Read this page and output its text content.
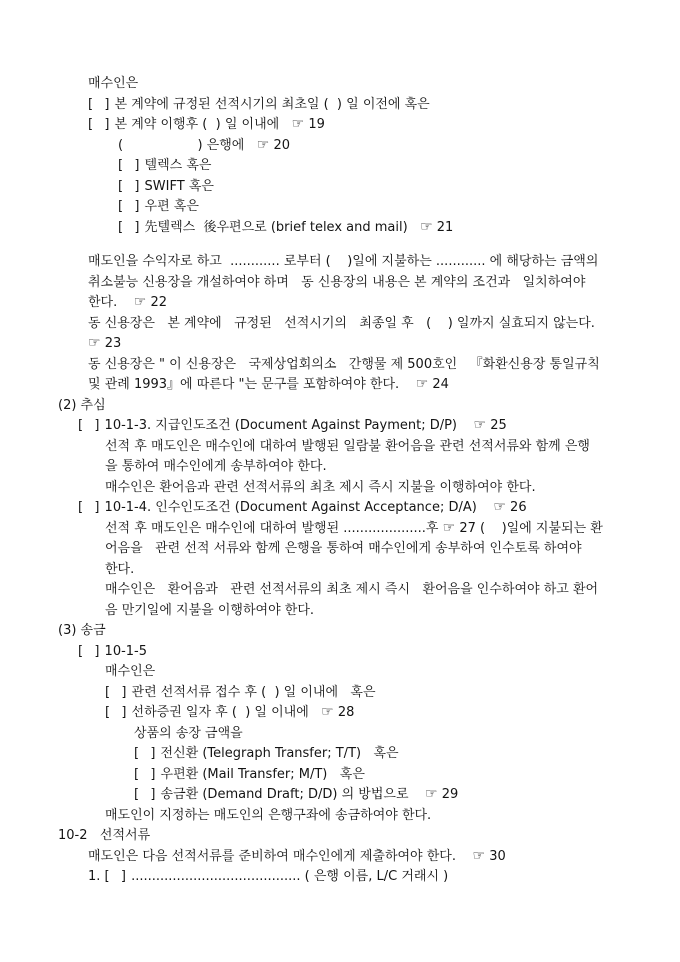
매수인은
[  ] 본 계약에 규정된 선적시기의 최초일 (  ) 일 이전에 혹은
[  ] 본 계약 이행후 (  ) 일 이내에   ☞ 19
(                  ) 은행에   ☞ 20
[  ] 텔렉스 혹은
[  ] SWIFT 혹은
[  ] 우편 혹은
[  ] 先텔렉스  後우편으로 (brief telex and mail)   ☞ 21
매도인을 수익자로 하고  ............ 로부터 (    )일에 지불하는 ............ 에 해당하는 금액의
취소불능 신용장을 개설하여야 하며   동 신용장의 내용은 본 계약의 조건과   일치하여야
한다.    ☞ 22
동 신용장은   본 계약에   규정된   선적시기의   최종일 후   (    ) 일까지 실효되지 않는다.
☞ 23
동 신용장은 " 이 신용장은   국제상업회의소   간행물 제 500호인   『화환신용장 통일규칙
및 관례 1993』에 따른다 "는 문구를 포함하여야 한다.    ☞ 24
(2) 추심
[  ] 10-1-3. 지급인도조건 (Document Against Payment; D/P)    ☞ 25
선적 후 매도인은 매수인에 대하여 발행된 일람불 환어음을 관련 선적서류와 함께 은행
을 통하여 매수인에게 송부하여야 한다.
매수인은 환어음과 관련 선적서류의 최초 제시 즉시 지불을 이행하여야 한다.
[  ] 10-1-4. 인수인도조건 (Document Against Acceptance; D/A)    ☞ 26
선적 후 매도인은 매수인에 대하여 발행된 ....................후 ☞ 27 (    )일에 지불되는 환
어음을   관련 선적 서류와 함께 은행을 통하여 매수인에게 송부하여 인수토록 하여야
한다.
매수인은   환어음과   관련 선적서류의 최초 제시 즉시   환어음을 인수하여야 하고 환어
음 만기일에 지불을 이행하여야 한다.
(3) 송금
[  ] 10-1-5
매수인은
[  ] 관련 선적서류 접수 후 (  ) 일 이내에   혹은
[  ] 선하증권 일자 후 (  ) 일 이내에   ☞ 28
상품의 송장 금액을
[  ] 전신환 (Telegraph Transfer; T/T)   혹은
[  ] 우편환 (Mail Transfer; M/T)   혹은
[  ] 송금환 (Demand Draft; D/D) 의 방법으로    ☞ 29
매도인이 지정하는 매도인의 은행구좌에 송금하여야 한다.
10-2   선적서류
매도인은 다음 선적서류를 준비하여 매수인에게 제출하여야 한다.    ☞ 30
1. [  ] ......................................... ( 은행 이름, L/C 거래시 )
